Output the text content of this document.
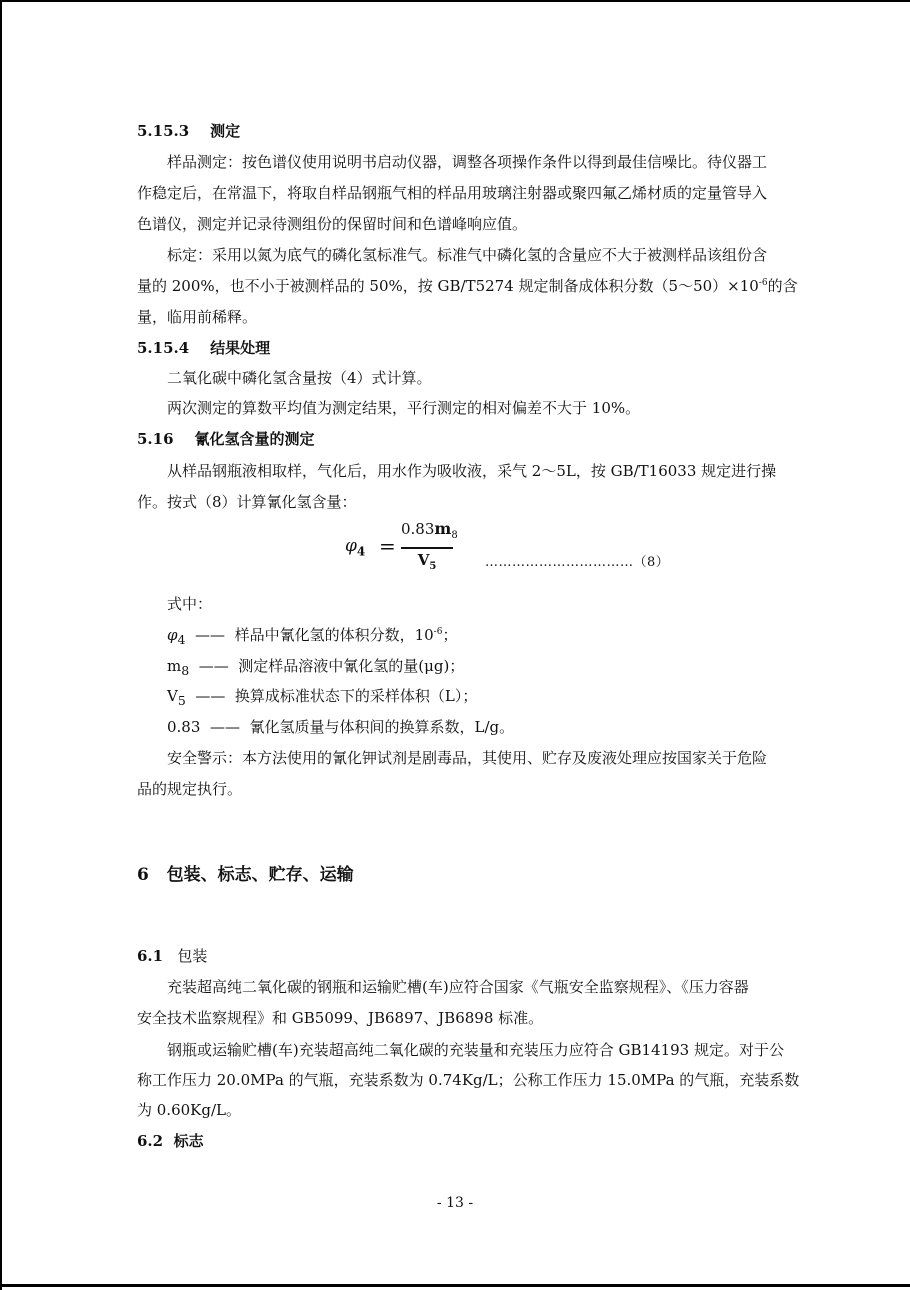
5.15.3 测定
样品测定：按色谱仪使用说明书启动仪器，调整各项操作条件以得到最佳信噪比。待仪器工
作稳定后，在常温下，将取自样品钢瓶气相的样品用玻璃注射器或聚四氟乙烯材质的定量管导入
色谱仪，测定并记录待测组份的保留时间和色谱峰响应值。
标定：采用以氮为底气的磷化氢标准气。标准气中磷化氢的含量应不大于被测样品该组份含
量的 200%，也不小于被测样品的 50%，按 GB/T5274 规定制备成体积分数$(5\sim 50)\times 10^{-6}$的含
量，临用前稀释。
5.15.4 结果处理
二氧化碳中磷化氢含量按（4）式计算。
两次测定的算数平均值为测定结果，平行测定的相对偏差不大于 10%。
5.16 氰化氢含量的测定
从样品钢瓶液相取样，气化后，用水作为吸收液，采气 2～5L，按 GB/T16033 规定进行操
作。按式（8）计算氰化氢含量：
$\varphi_4$ =
$0.83m_8$
$V_5$	……………………………（8）
式中：
$\varphi_4$ —— 样品中氰化氢的体积分数，$10^{-6}$；
$m_8$ —— 测定样品溶液中氰化氢的量(μg)；
$V_5$ —— 换算成标准状态下的采样体积（L）；
0.83 —— 氰化氢质量与体积间的换算系数，L/g。
安全警示：本方法使用的氰化钾试剂是剧毒品，其使用、贮存及废液处理应按国家关于危险
品的规定执行。
6 包装、标志、贮存、运输
6.1 包装
充装超高纯二氧化碳的钢瓶和运输贮槽(车)应符合国家《气瓶安全监察规程》、《压力容器
安全技术监察规程》和 GB5099、JB6897、JB6898 标准。
钢瓶或运输贮槽(车)充装超高纯二氧化碳的充装量和充装压力应符合 GB14193 规定。对于公
称工作压力 20.0MPa 的气瓶，充装系数为 0.74Kg/L；公称工作压力 15.0MPa 的气瓶，充装系数
为 0.60Kg/L。
6.2 标志
- 13 -
